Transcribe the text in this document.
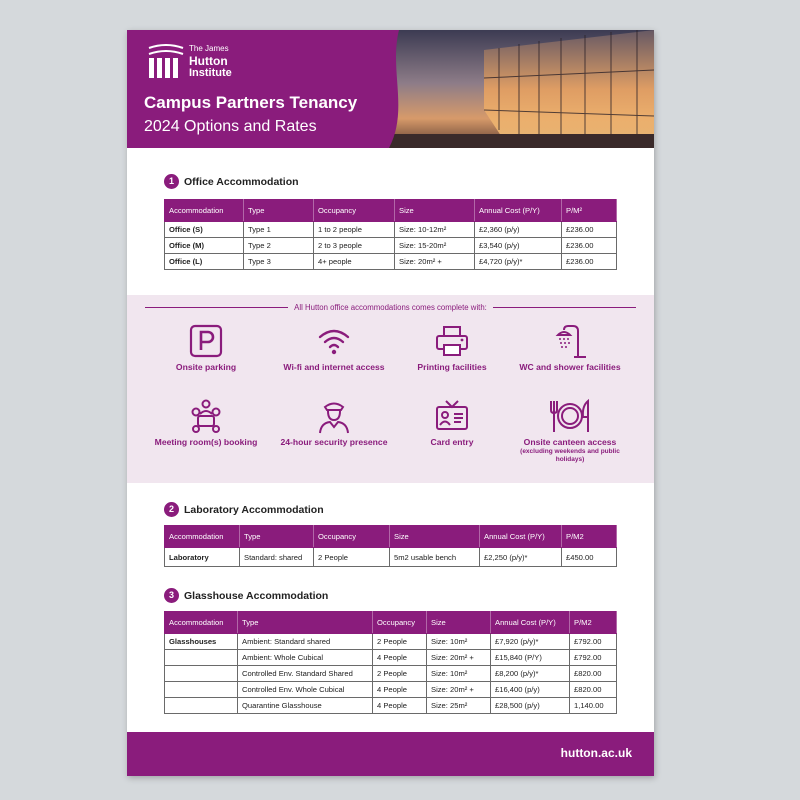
The James
Hutton
Institute
Campus Partners Tenancy
2024 Options and Rates
1 Office Accommodation
Accommodation	Type	Occupancy	Size	Annual Cost (P/Y)	P/M²
Office (S)	Type 1	1 to 2 people	Size: 10-12m²	£2,360 (p/y)	£236.00
Office (M)	Type 2	2 to 3 people	Size: 15-20m²	£3,540 (p/y)	£236.00
Office (L)	Type 3	4+ people	Size: 20m² +	£4,720 (p/y)*	£236.00
All Hutton office accommodations comes complete with:
Onsite parking	Wi-fi and internet access	Printing facilities	WC and shower facilities
Meeting room(s) booking	24-hour security presence	Card entry	Onsite canteen access
(excluding weekends and public holidays)
2 Laboratory Accommodation
Accommodation	Type	Occupancy	Size	Annual Cost (P/Y)	P/M2
Laboratory	Standard: shared	2 People	5m2 usable bench	£2,250 (p/y)*	£450.00
3 Glasshouse Accommodation
Accommodation	Type	Occupancy	Size	Annual Cost (P/Y)	P/M2
Glasshouses	Ambient: Standard shared	2 People	Size: 10m²	£7,920 (p/y)*	£792.00
	Ambient: Whole Cubical	4 People	Size: 20m² +	£15,840 (P/Y)	£792.00
	Controlled Env. Standard Shared	2 People	Size: 10m²	£8,200 (p/y)*	£820.00
	Controlled Env. Whole Cubical	4 People	Size: 20m² +	£16,400 (p/y)	£820.00
	Quarantine Glasshouse	4 People	Size: 25m²	£28,500 (p/y)	1,140.00
hutton.ac.uk
